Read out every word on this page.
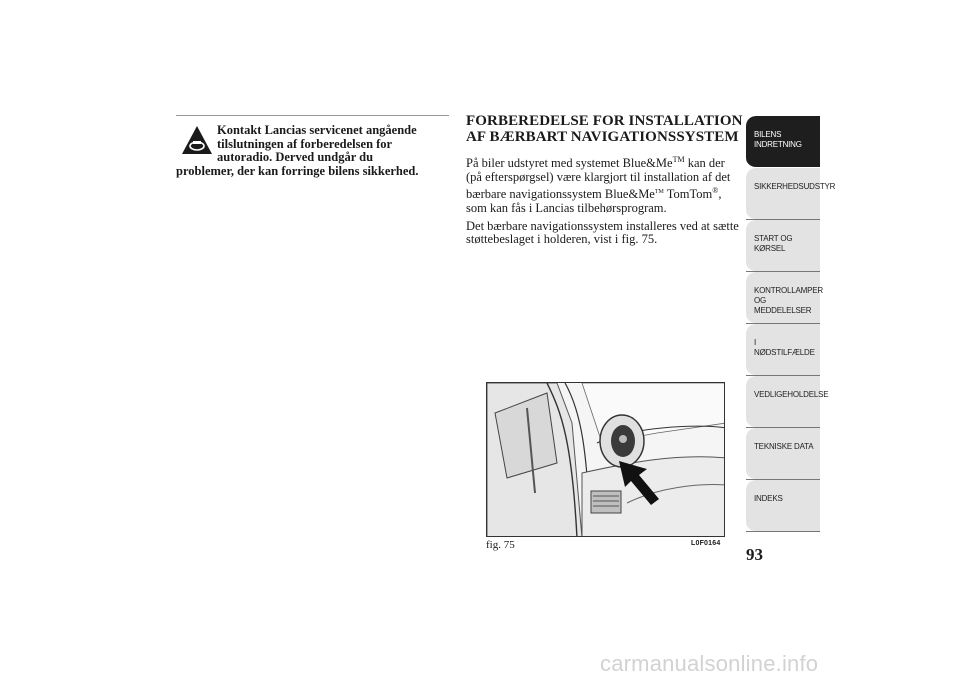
Kontakt Lancias servicenet angående
tilslutningen af forberedelsen for
autoradio. Derved undgår du
problemer, der kan forringe bilens sikkerhed.
FORBEREDELSE FOR INSTALLATION
AF BÆRBART NAVIGATIONSSYSTEM

På biler udstyret med systemet Blue&Me™ kan der (på efterspørgsel) være klargjort til installation af det bærbare navigationssystem Blue&Me™ TomTom®, som kan fås i Lancias tilbehørsprogram.

Det bærbare navigationssystem installeres ved at sætte støttebeslaget i holderen, vist i fig. 75.

fig. 75	L0F0164
BILENS
INDRETNING
SIKKERHEDSUDSTYR
START OG KØRSEL
KONTROLLAMPER
OG MEDDELELSER
I NØDSTILFÆLDE
VEDLIGEHOLDELSE
TEKNISKE DATA
INDEKS
93
carmanualsonline.info
